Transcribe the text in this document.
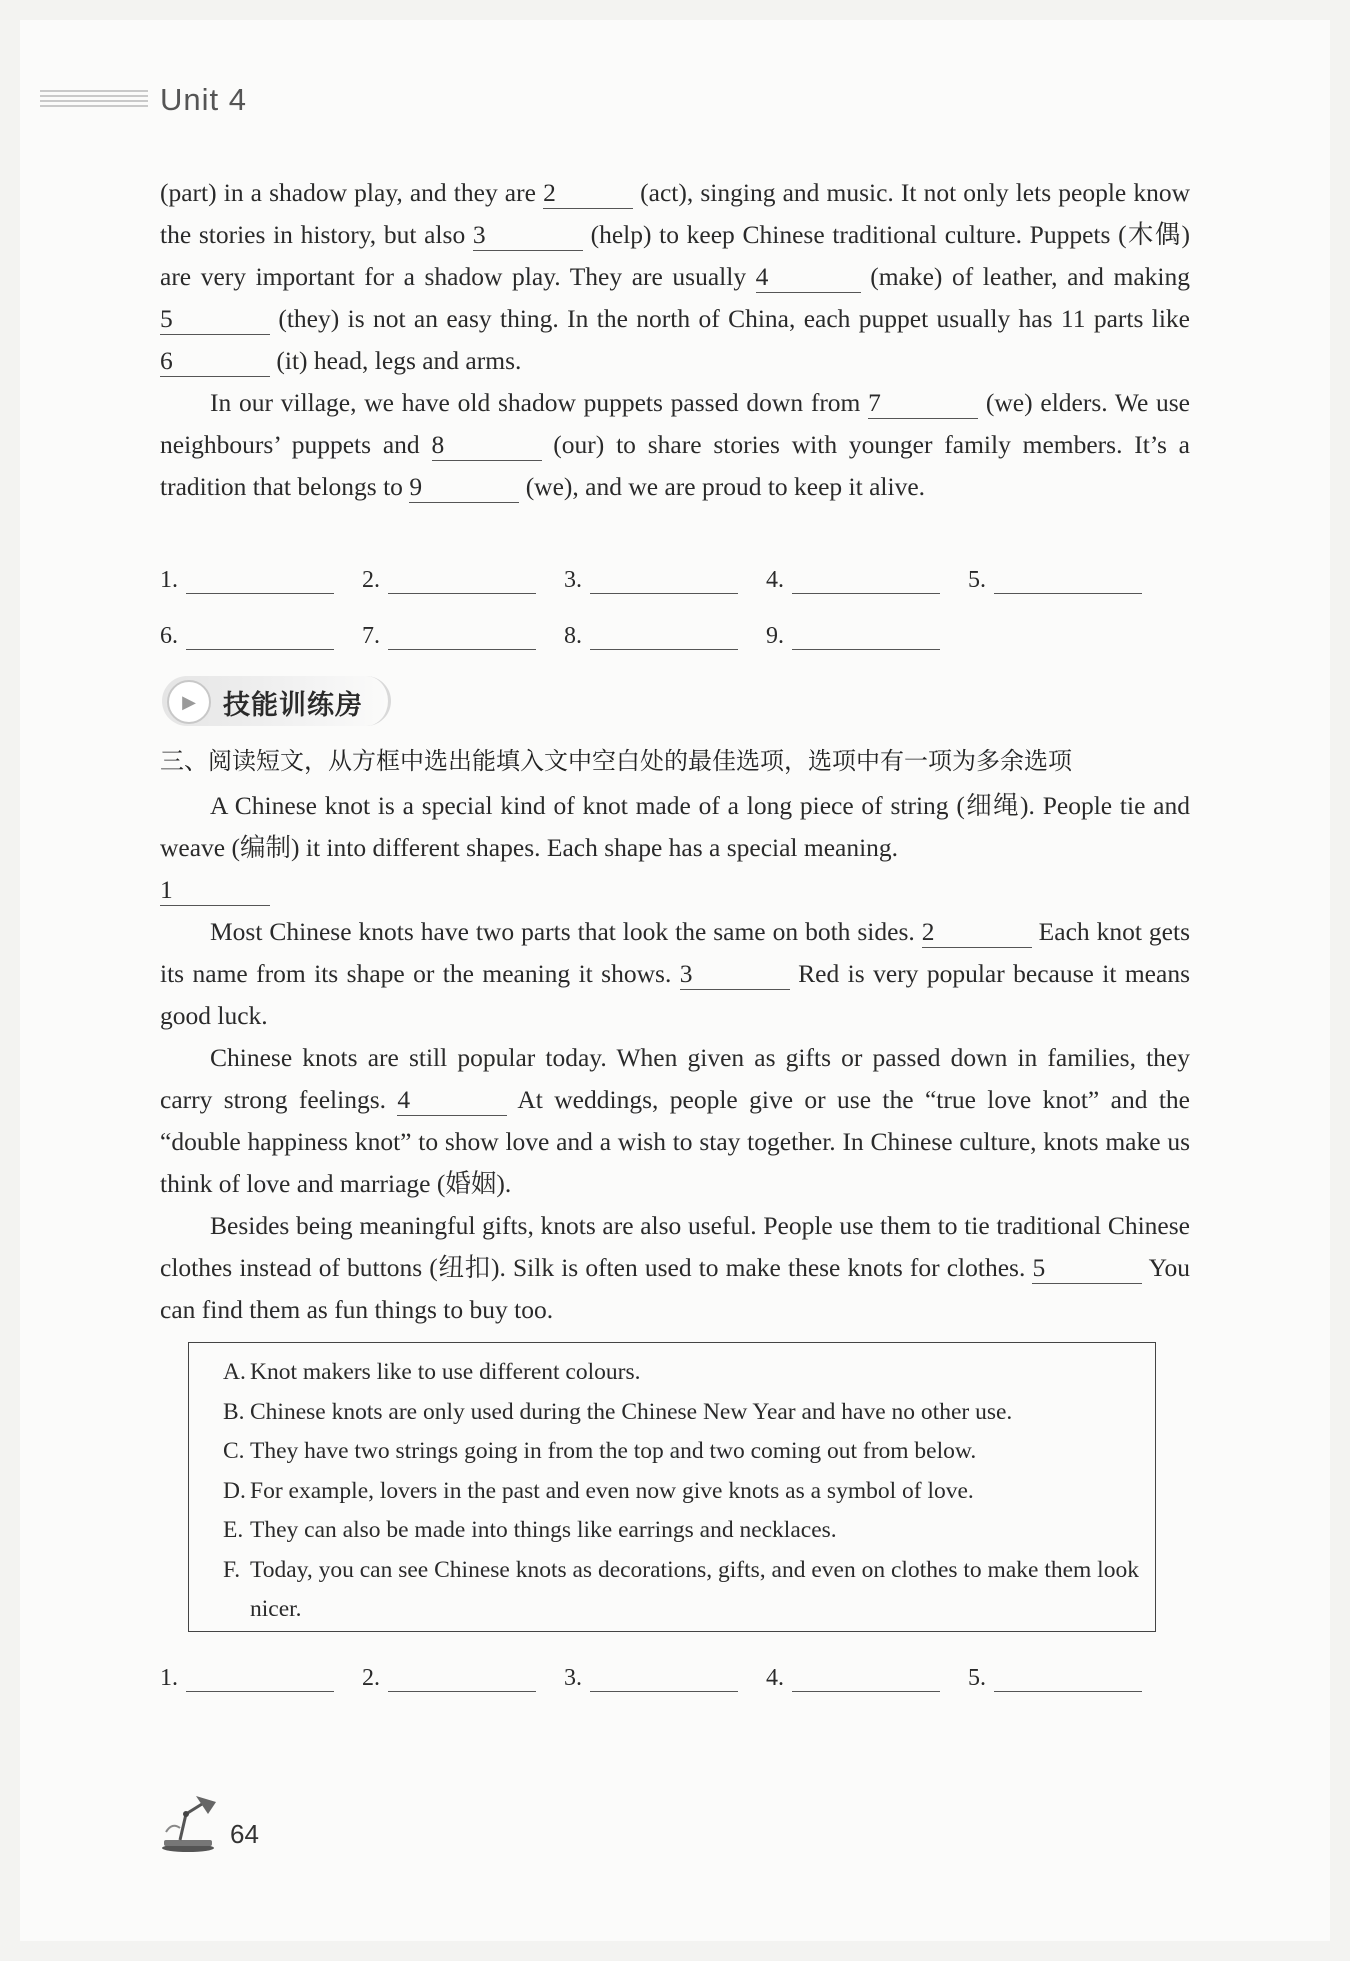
Unit 4

(part) in a shadow play, and they are 2	(act), singing and music. It not only lets people know the stories in history, but also 3	(help) to keep Chinese traditional culture. Puppets (木偶) are very important for a shadow play. They are usually 4	(make) of leather, and making 5	(they) is not an easy thing. In the north of China, each puppet usually has 11 parts like 6	(it) head, legs and arms.

In our village, we have old shadow puppets passed down from 7	(we) elders. We use neighbours’ puppets and 8	(our) to share stories with younger family members. It’s a tradition that belongs to 9	(we), and we are proud to keep it alive.

1.	2.	3.	4.	5.
6.	7.	8.	9.
▶	技能训练房
三、阅读短文，从方框中选出能填入文中空白处的最佳选项，选项中有一项为多余选项

A Chinese knot is a special kind of knot made of a long piece of string (细绳). People tie and weave (编制) it into different shapes. Each shape has a special meaning.
1

Most Chinese knots have two parts that look the same on both sides. 2	Each knot gets its name from its shape or the meaning it shows. 3	Red is very popular because it means good luck.

Chinese knots are still popular today. When given as gifts or passed down in families, they carry strong feelings. 4	At weddings, people give or use the “true love knot” and the “double happiness knot” to show love and a wish to stay together. In Chinese culture, knots make us think of love and marriage (婚姻).

Besides being meaningful gifts, knots are also useful. People use them to tie traditional Chinese clothes instead of buttons (纽扣). Silk is often used to make these knots for clothes. 5	You can find them as fun things to buy too.

A. Knot makers like to use different colours.
B. Chinese knots are only used during the Chinese New Year and have no other use.
C. They have two strings going in from the top and two coming out from below.
D. For example, lovers in the past and even now give knots as a symbol of love.
E. They can also be made into things like earrings and necklaces.
F. Today, you can see Chinese knots as decorations, gifts, and even on clothes to make them look nicer.
1.	2.	3.	4.	5.
64
